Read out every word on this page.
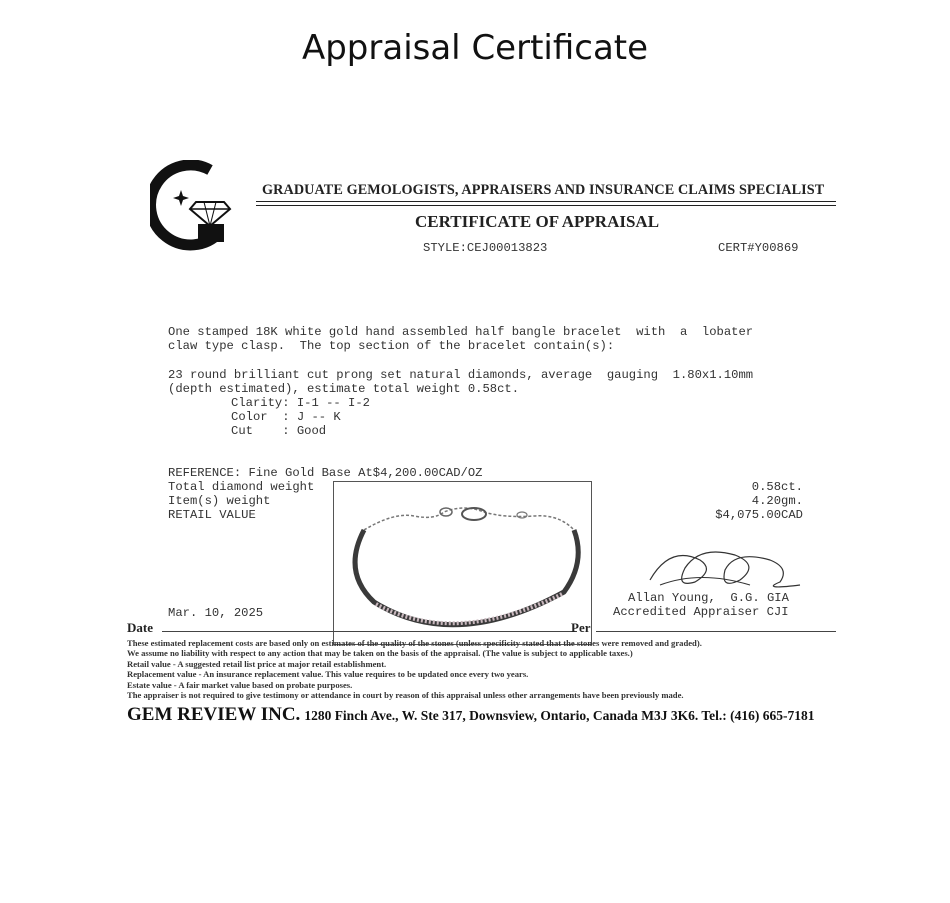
Appraisal Certificate
GRADUATE GEMOLOGISTS, APPRAISERS AND INSURANCE CLAIMS SPECIALIST
CERTIFICATE OF APPRAISAL
STYLE:CEJ00013823	CERT#Y00869
One stamped 18K white gold hand assembled half bangle bracelet  with  a  lobater
claw type clasp.  The top section of the bracelet contain(s):
23 round brilliant cut prong set natural diamonds, average  gauging  1.80x1.10mm
(depth estimated), estimate total weight 0.58ct.
Clarity: I-1 -- I-2
Color  : J -- K
Cut    : Good
REFERENCE: Fine Gold Base At$4,200.00CAD/OZ
Total diamond weight	0.58ct.
Item(s) weight	4.20gm.
RETAIL VALUE	$4,075.00CAD
Mar. 10, 2025
Allan Young,  G.G. GIA
Accredited Appraiser CJI
Date	Per
These estimated replacement costs are based only on estimates of the quality of the stones (unless specificity stated that the stones were removed and graded).
We assume no liability with respect to any action that may be taken on the basis of the appraisal. (The value is subject to applicable taxes.)
Retail value - A suggested retail list price at major retail establishment.
Replacement value - An insurance replacement value. This value requires to be updated once every two years.
Estate value - A fair market value based on probate purposes.
The appraiser is not required to give testimony or attendance in court by reason of this appraisal unless other arrangements have been previously made.
GEM REVIEW INC. 1280 Finch Ave., W. Ste 317, Downsview, Ontario, Canada M3J 3K6. Tel.: (416) 665-7181
